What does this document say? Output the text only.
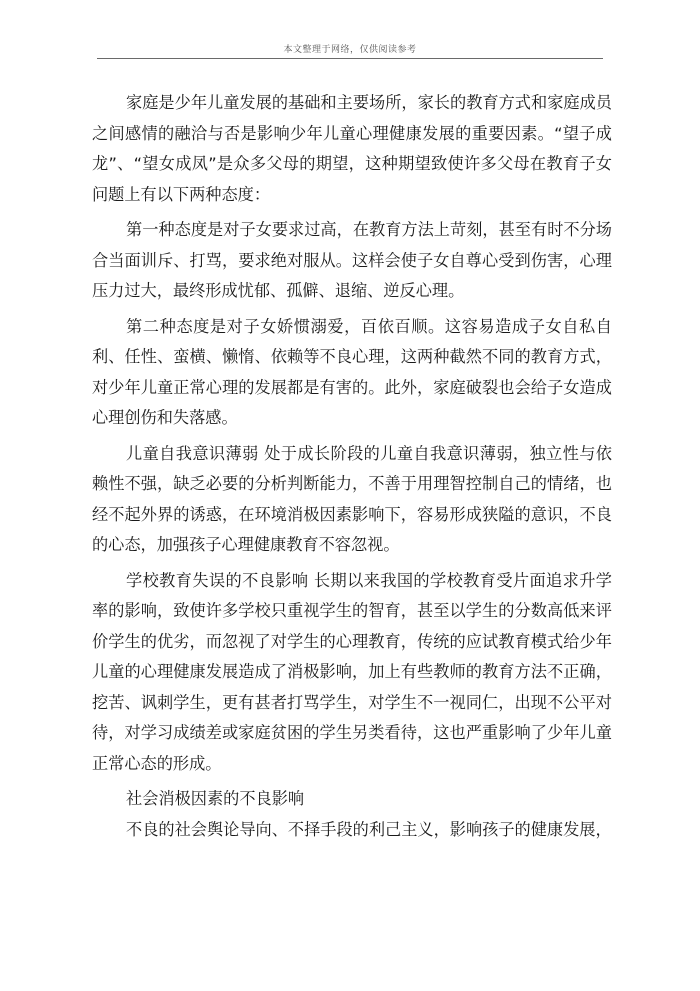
本文整理于网络，仅供阅读参考

家庭是少年儿童发展的基础和主要场所，家长的教育方式和家庭成员之间感情的融洽与否是影响少年儿童心理健康发展的重要因素。“望子成龙”、“望女成凤”是众多父母的期望，这种期望致使许多父母在教育子女问题上有以下两种态度：

第一种态度是对子女要求过高，在教育方法上苛刻，甚至有时不分场合当面训斥、打骂，要求绝对服从。这样会使子女自尊心受到伤害，心理压力过大，最终形成忧郁、孤僻、退缩、逆反心理。

第二种态度是对子女娇惯溺爱，百依百顺。这容易造成子女自私自利、任性、蛮横、懒惰、依赖等不良心理，这两种截然不同的教育方式，对少年儿童正常心理的发展都是有害的。此外，家庭破裂也会给子女造成心理创伤和失落感。

儿童自我意识薄弱 处于成长阶段的儿童自我意识薄弱，独立性与依赖性不强，缺乏必要的分析判断能力，不善于用理智控制自己的情绪，也经不起外界的诱惑，在环境消极因素影响下，容易形成狭隘的意识，不良的心态，加强孩子心理健康教育不容忽视。

学校教育失误的不良影响 长期以来我国的学校教育受片面追求升学率的影响，致使许多学校只重视学生的智育，甚至以学生的分数高低来评价学生的优劣，而忽视了对学生的心理教育，传统的应试教育模式给少年儿童的心理健康发展造成了消极影响，加上有些教师的教育方法不正确，挖苦、讽刺学生，更有甚者打骂学生，对学生不一视同仁，出现不公平对待，对学习成绩差或家庭贫困的学生另类看待，这也严重影响了少年儿童正常心态的形成。

社会消极因素的不良影响

不良的社会舆论导向、不择手段的利己主义，影响孩子的健康发展，
